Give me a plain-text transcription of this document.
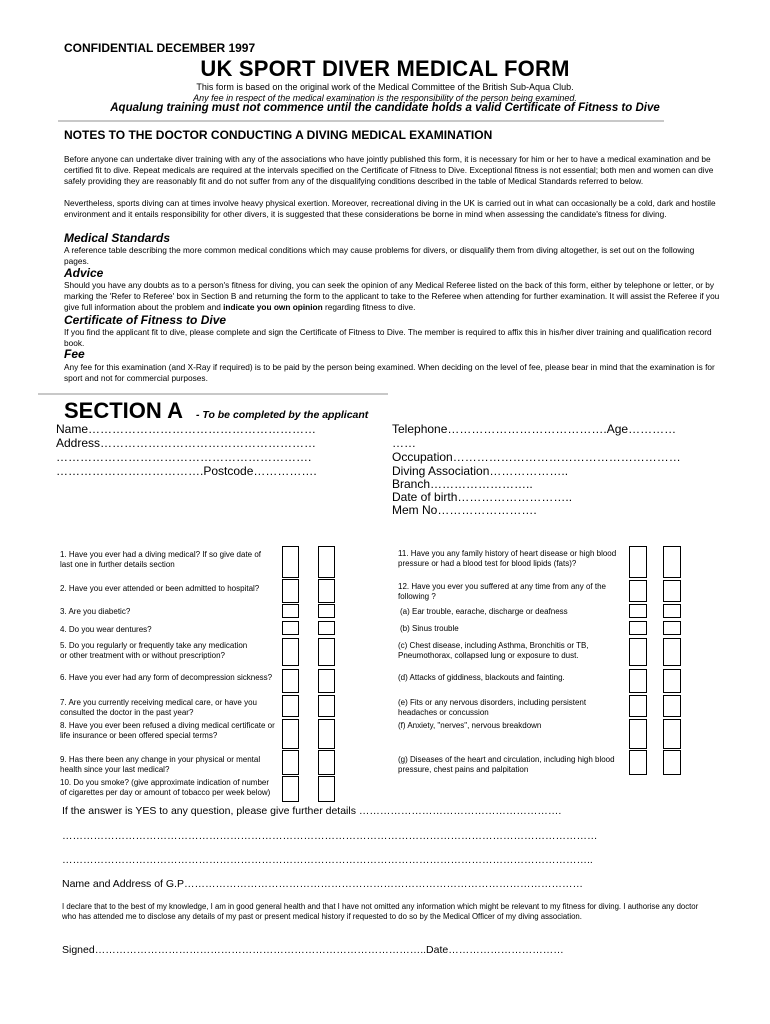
CONFIDENTIAL DECEMBER 1997
UK SPORT DIVER MEDICAL FORM
This form is based on the original work of the Medical Committee of the British Sub-Aqua Club.
Any fee in respect of the medical examination is the responsibility of the person being examined.
Aqualung training must not commence until the candidate holds a valid Certificate of Fitness to Dive
NOTES TO THE DOCTOR CONDUCTING A DIVING MEDICAL EXAMINATION
Before anyone can undertake diver training with any of the associations who have jointly published this form, it is necessary for him or her to have a medical examination and be certified fit to dive. Repeat medicals are required at the intervals specified on the Certificate of Fitness to Dive. Exceptional fitness is not essential; both men and women can dive safely providing they are reasonably fit and do not suffer from any of the disqualifying conditions described in the table of Medical Standards referred to below.
Nevertheless, sports diving can at times involve heavy physical exertion. Moreover, recreational diving in the UK is carried out in what can occasionally be a cold, dark and hostile environment and it entails responsibility for other divers, it is suggested that these considerations be borne in mind when assessing the candidate's fitness for diving.
Medical Standards
A reference table describing the more common medical conditions which may cause problems for divers, or disqualify them from diving altogether, is set out on the following pages.
Advice
Should you have any doubts as to a person's fitness for diving, you can seek the opinion of any Medical Referee listed on the back of this form, either by telephone or letter, or by marking the 'Refer to Referee' box in Section B and returning the form to the applicant to take to the Referee when attending for further examination. It will assist the Referee if you give full information about the problem and indicate you own opinion regarding fitness to dive.
Certificate of Fitness to Dive
If you find the applicant fit to dive, please complete and sign the Certificate of Fitness to Dive. The member is required to affix this in his/her diver training and qualification record book.
Fee
Any fee for this examination (and X-Ray if required) is to be paid by the person being examined. When deciding on the level of fee, please bear in mind that the examination is for sport and not for commercial purposes.
SECTION A - To be completed by the applicant
Name…………………………………………………
Address………………………………………………
……………………………………………………….
……………………………….Postcode…………….
Telephone………………………………….Age…………
……
Occupation…………………………………………………
Diving Association………………..
Branch……………………..
Date of birth………………………..
Mem No…………………….
1. Have you ever had a diving medical? If so give date of last one in further details section
2. Have you ever attended or been admitted to hospital?
3. Are you diabetic?
4. Do you wear dentures?
5. Do you regularly or frequently take any medication or other treatment with or without prescription?
6. Have you ever had any form of decompression sickness?
7. Are you currently receiving medical care, or have you consulted the doctor in the past year?
8. Have you ever been refused a diving medical certificate or life insurance or been offered special terms?
9. Has there been any change in your physical or mental health since your last medical?
10. Do you smoke? (give approximate indication of number of cigarettes per day or amount of tobacco per week below)
11. Have you any family history of heart disease or high blood pressure or had a blood test for blood lipids (fats)?
12. Have you ever you suffered at any time from any of the following ?
(a) Ear trouble, earache, discharge or deafness
(b) Sinus trouble
(c) Chest disease, including Asthma, Bronchitis or TB, Pneumothorax, collapsed lung or exposure to dust.
(d) Attacks of giddiness, blackouts and fainting.
(e) Fits or any nervous disorders, including persistent headaches or concussion
(f) Anxiety, "nerves", nervous breakdown
(g) Diseases of the heart and circulation, including high blood pressure, chest pains and palpitation
If the answer is YES to any question, please give further details ………………………………………………….
………………………………………………………………………………………………………………………………………
……………………………………………………………………………………………………………………………………..
Name and Address of G.P……………………………………………………………………………………………………
I declare that to the best of my knowledge, I am in good general health and that I have not omitted any information which might be relevant to my fitness for diving. I authorise any doctor who has attended me to disclose any details of my past or present medical history if requested to do so by the Medical Officer of my diving association.
Signed…………………………………………………………………………………..Date……………………………
